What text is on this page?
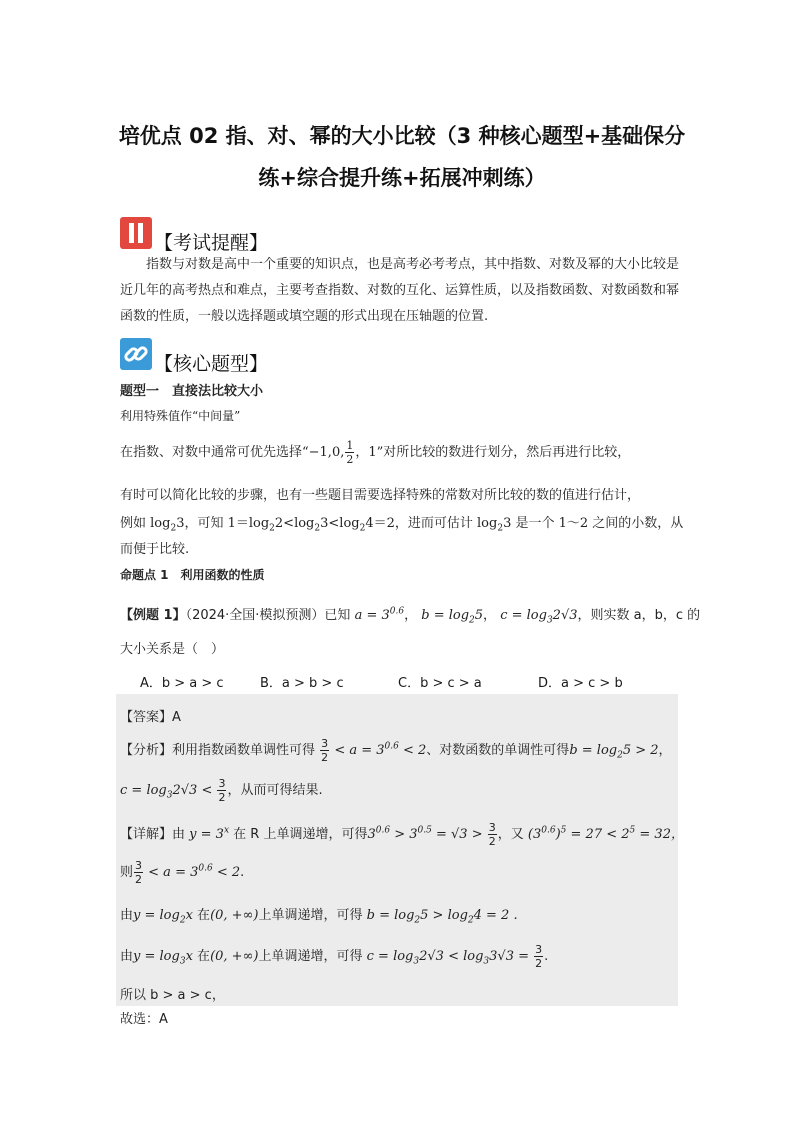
培优点 02 指、对、幂的大小比较（3 种核心题型+基础保分
练+综合提升练+拓展冲刺练）
【考试提醒】

指数与对数是高中一个重要的知识点，也是高考必考考点，其中指数、对数及幂的大小比较是近几年的高考热点和难点，主要考查指数、对数的互化、运算性质，以及指数函数、对数函数和幂函数的性质，一般以选择题或填空题的形式出现在压轴题的位置.

【核心题型】
题型一　直接法比较大小
利用特殊值作“中间量”
在指数、对数中通常可优先选择“−1,0, $\frac{1}{2}$ ，1”对所比较的数进行划分，然后再进行比较，
有时可以简化比较的步骤，也有一些题目需要选择特殊的常数对所比较的数的值进行估计，
例如 $\log_23$，可知 $1=\log_22<\log_23<\log_24=2$，进而可估计 $\log_23$ 是一个 1～2 之间的小数，从
而便于比较.
命题点 1　利用函数的性质
【例题 1】（2024·全国·模拟预测）已知 $a = 3^{0.6}$， $b = \log_25$， $c = \log_32√3$，则实数 a，b，c 的
大小关系是（　）
A．b > a > c	B．a > b > c	C．b > c > a	D．a > c > b
【答案】A
【分析】利用指数函数单调性可得 $\frac{3}{2} < a = 3^{0.6} < 2$、对数函数的单调性可得$b = \log_25 > 2$，
$c = \log_32√3 < \frac{3}{2}$ ，从而可得结果.
【详解】由 $y = 3^x$ 在 R 上单调递增，可得$3^{0.6} > 3^{0.5} = √3 > \frac{3}{2}$ ，又 $(3^{0.6})^5 = 27 < 2^5 = 32$，
则 $\frac{3}{2} < a = 3^{0.6} < 2$.
由$y = \log_2x$ 在(0, +∞)上单调递增，可得 $b = \log_25 > \log_24 = 2$ .
由$y = \log_3x$ 在(0, +∞)上单调递增，可得 $c = \log_32√3 < \log_33√3 = \frac{3}{2}$ .
所以 b > a > c，
故选：A
